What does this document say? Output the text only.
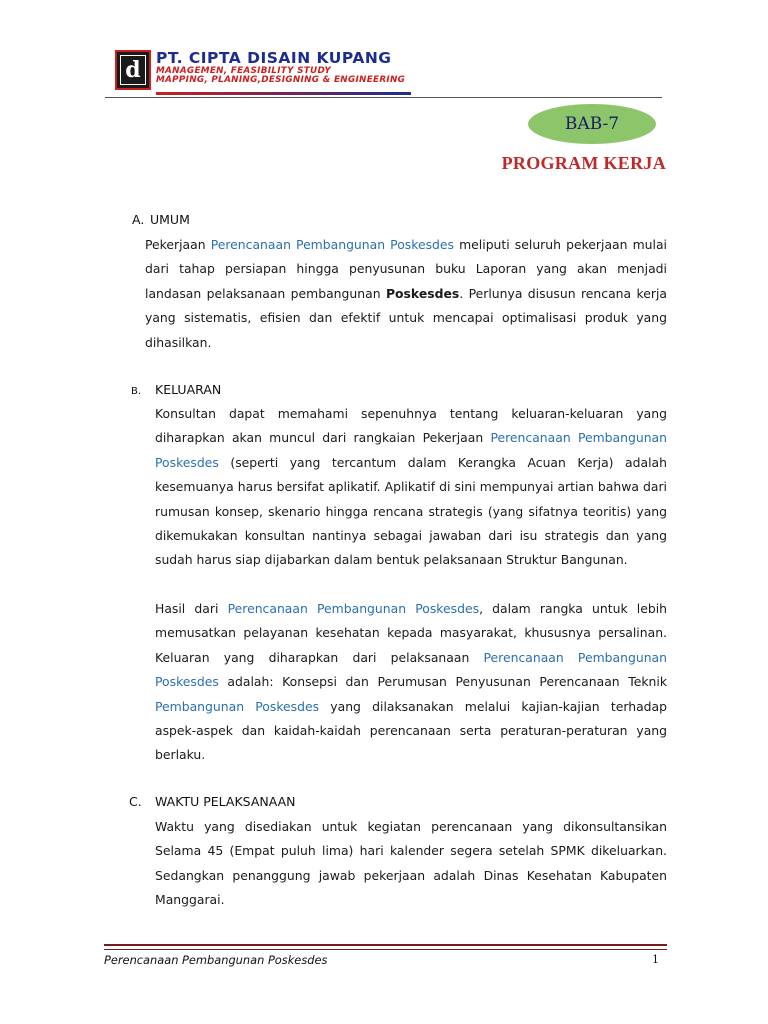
d PT. CIPTA DISAIN KUPANG
MANAGEMEN, FEASIBILITY STUDY
MAPPING, PLANING,DESIGNING & ENGINEERING
BAB-7
PROGRAM KERJA
A. UMUM
Pekerjaan Perencanaan Pembangunan Poskesdes meliputi seluruh pekerjaan mulai dari tahap persiapan hingga penyusunan buku Laporan yang akan menjadi landasan pelaksanaan pembangunan Poskesdes. Perlunya disusun rencana kerja yang sistematis, efisien dan efektif untuk mencapai optimalisasi produk yang dihasilkan.
B. KELUARAN
Konsultan dapat memahami sepenuhnya tentang keluaran-keluaran yang diharapkan akan muncul dari rangkaian Pekerjaan Perencanaan Pembangunan Poskesdes (seperti yang tercantum dalam Kerangka Acuan Kerja) adalah kesemuanya harus bersifat aplikatif. Aplikatif di sini mempunyai artian bahwa dari rumusan konsep, skenario hingga rencana strategis (yang sifatnya teoritis) yang dikemukakan konsultan nantinya sebagai jawaban dari isu strategis dan yang sudah harus siap dijabarkan dalam bentuk pelaksanaan Struktur Bangunan.
Hasil dari Perencanaan Pembangunan Poskesdes, dalam rangka untuk lebih memusatkan pelayanan kesehatan kepada masyarakat, khususnya persalinan. Keluaran yang diharapkan dari pelaksanaan Perencanaan Pembangunan Poskesdes adalah: Konsepsi dan Perumusan Penyusunan Perencanaan Teknik Pembangunan Poskesdes yang dilaksanakan melalui kajian-kajian terhadap aspek-aspek dan kaidah-kaidah perencanaan serta peraturan-peraturan yang berlaku.
C. WAKTU PELAKSANAAN
Waktu yang disediakan untuk kegiatan perencanaan yang dikonsultansikan Selama 45 (Empat puluh lima) hari kalender segera setelah SPMK dikeluarkan. Sedangkan penanggung jawab pekerjaan adalah Dinas Kesehatan Kabupaten Manggarai.
Perencanaan Pembangunan Poskesdes	1
